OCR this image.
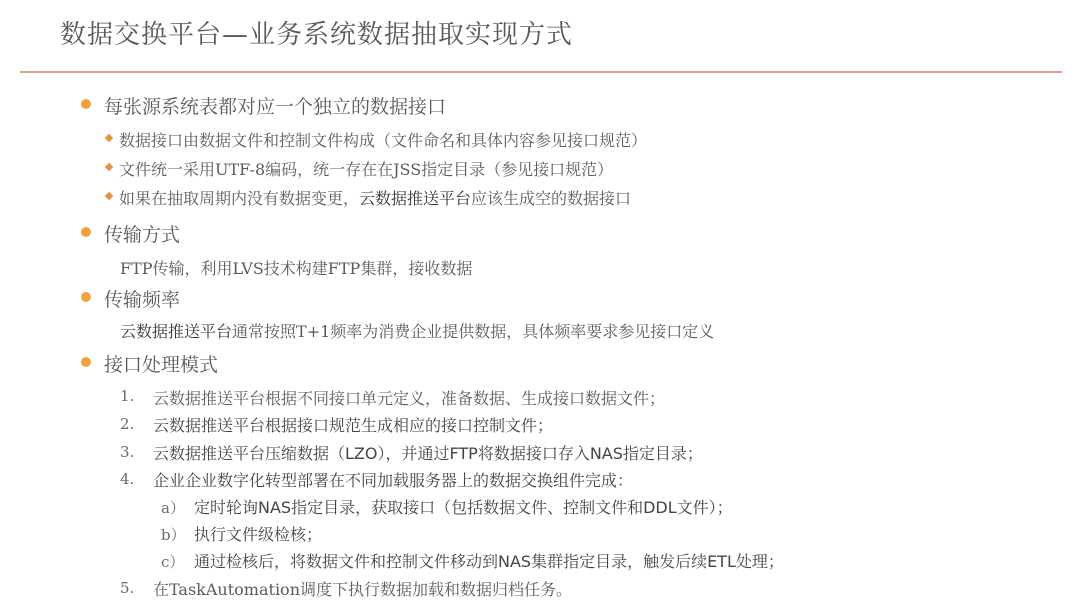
数据交换平台—业务系统数据抽取实现方式
每张源系统表都对应一个独立的数据接口
数据接口由数据文件和控制文件构成（文件命名和具体内容参见接口规范）
文件统一采用UTF-8编码，统一存在在JSS指定目录（参见接口规范）
如果在抽取周期内没有数据变更，云数据推送平台应该生成空的数据接口
传输方式
FTP传输，利用LVS技术构建FTP集群，接收数据
传输频率
云数据推送平台通常按照T+1频率为消费企业提供数据，具体频率要求参见接口定义
接口处理模式
1. 云数据推送平台根据不同接口单元定义，准备数据、生成接口数据文件；
2. 云数据推送平台根据接口规范生成相应的接口控制文件；
3. 云数据推送平台压缩数据（LZO），并通过FTP将数据接口存入NAS指定目录；
4. 企业企业数字化转型部署在不同加载服务器上的数据交换组件完成：
a） 定时轮询NAS指定目录，获取接口（包括数据文件、控制文件和DDL文件）；
b） 执行文件级检核；
c） 通过检核后，将数据文件和控制文件移动到NAS集群指定目录，触发后续ETL处理；
5. 在TaskAutomation调度下执行数据加载和数据归档任务。
